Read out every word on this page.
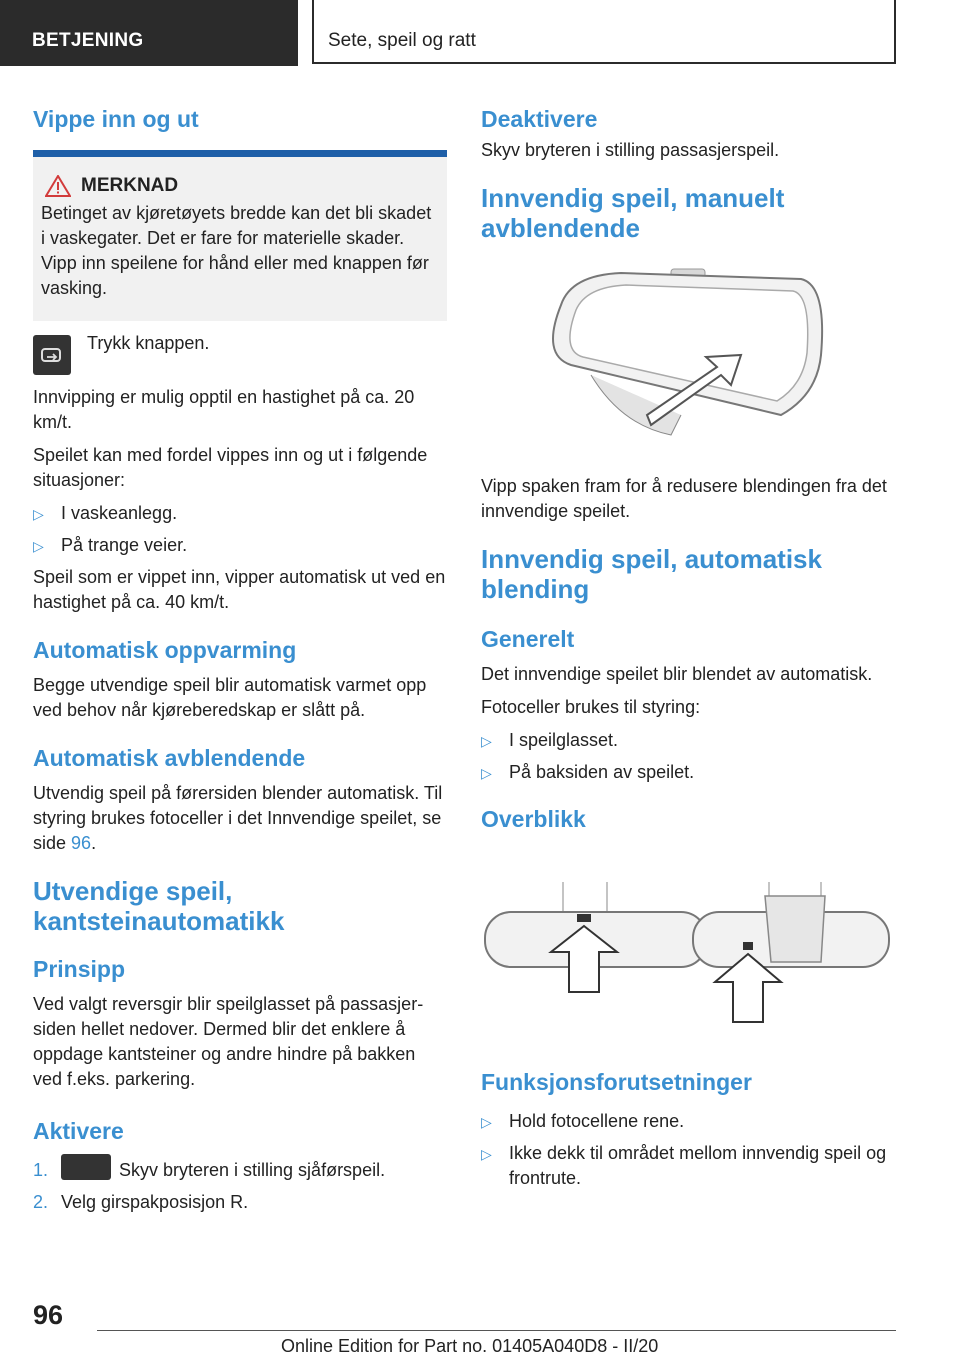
BETJENING	Sete, speil og ratt
Vippe inn og ut
MERKNAD

Betinget av kjøretøyets bredde kan det bli skadet i vaskegater. Det er fare for materielle skader. Vipp inn speilene for hånd eller med knappen før vasking.

Trykk knappen.

Innvipping er mulig opptil en hastighet på ca. 20 km/t.

Speilet kan med fordel vippes inn og ut i følgende situasjoner:

▷ I vaskeanlegg.
▷ På trange veier.

Speil som er vippet inn, vipper automatisk ut ved en hastighet på ca. 40 km/t.

Automatisk oppvarming

Begge utvendige speil blir automatisk varmet opp ved behov når kjøreberedskap er slått på.

Automatisk avblendende

Utvendig speil på førersiden blender automatisk. Til styring brukes fotoceller i det Innvendige speilet, se side 96.

Utvendige speil, kantsteinautomatikk
Prinsipp

Ved valgt reversgir blir speilglasset på passasjersiden hellet nedover. Dermed blir det enklere å oppdage kantsteiner og andre hindre på bakken ved f.eks. parkering.

Aktivere
1.	Skyv bryteren i stilling sjåførspeil.
2. Velg girspakposisjon R.
Deaktivere

Skyv bryteren i stilling passasjerspeil.

Innvendig speil, manuelt avblendende

Vipp spaken fram for å redusere blendingen fra det innvendige speilet.

Innvendig speil, automatisk blending
Generelt

Det innvendige speilet blir blendet av automatisk.

Fotoceller brukes til styring:

▷ I speilglasset.
▷ På baksiden av speilet.
Overblikk
Funksjonsforutsetninger
▷ Hold fotocellene rene.
▷ Ikke dekk til området mellom innvendig speil og frontrute.
96
Online Edition for Part no. 01405A040D8 - II/20
